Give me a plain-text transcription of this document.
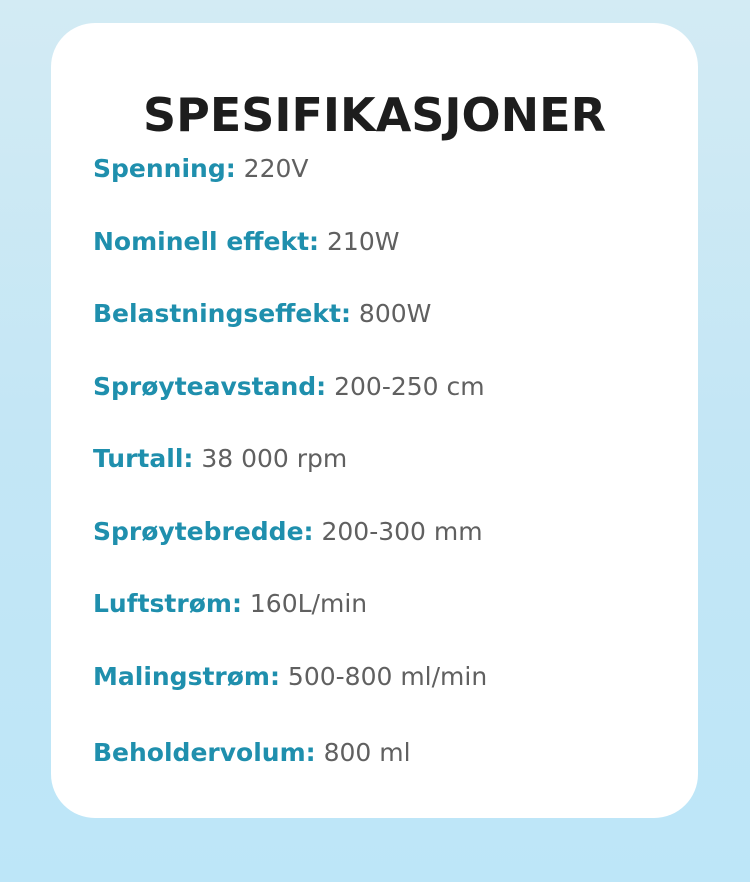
SPESIFIKASJONER

Spenning: 220V

Nominell effekt: 210W

Belastningseffekt: 800W

Sprøyteavstand: 200-250 cm

Turtall: 38 000 rpm

Sprøytebredde: 200-300 mm

Luftstrøm: 160L/min

Malingstrøm: 500-800 ml/min

Beholdervolum: 800 ml
